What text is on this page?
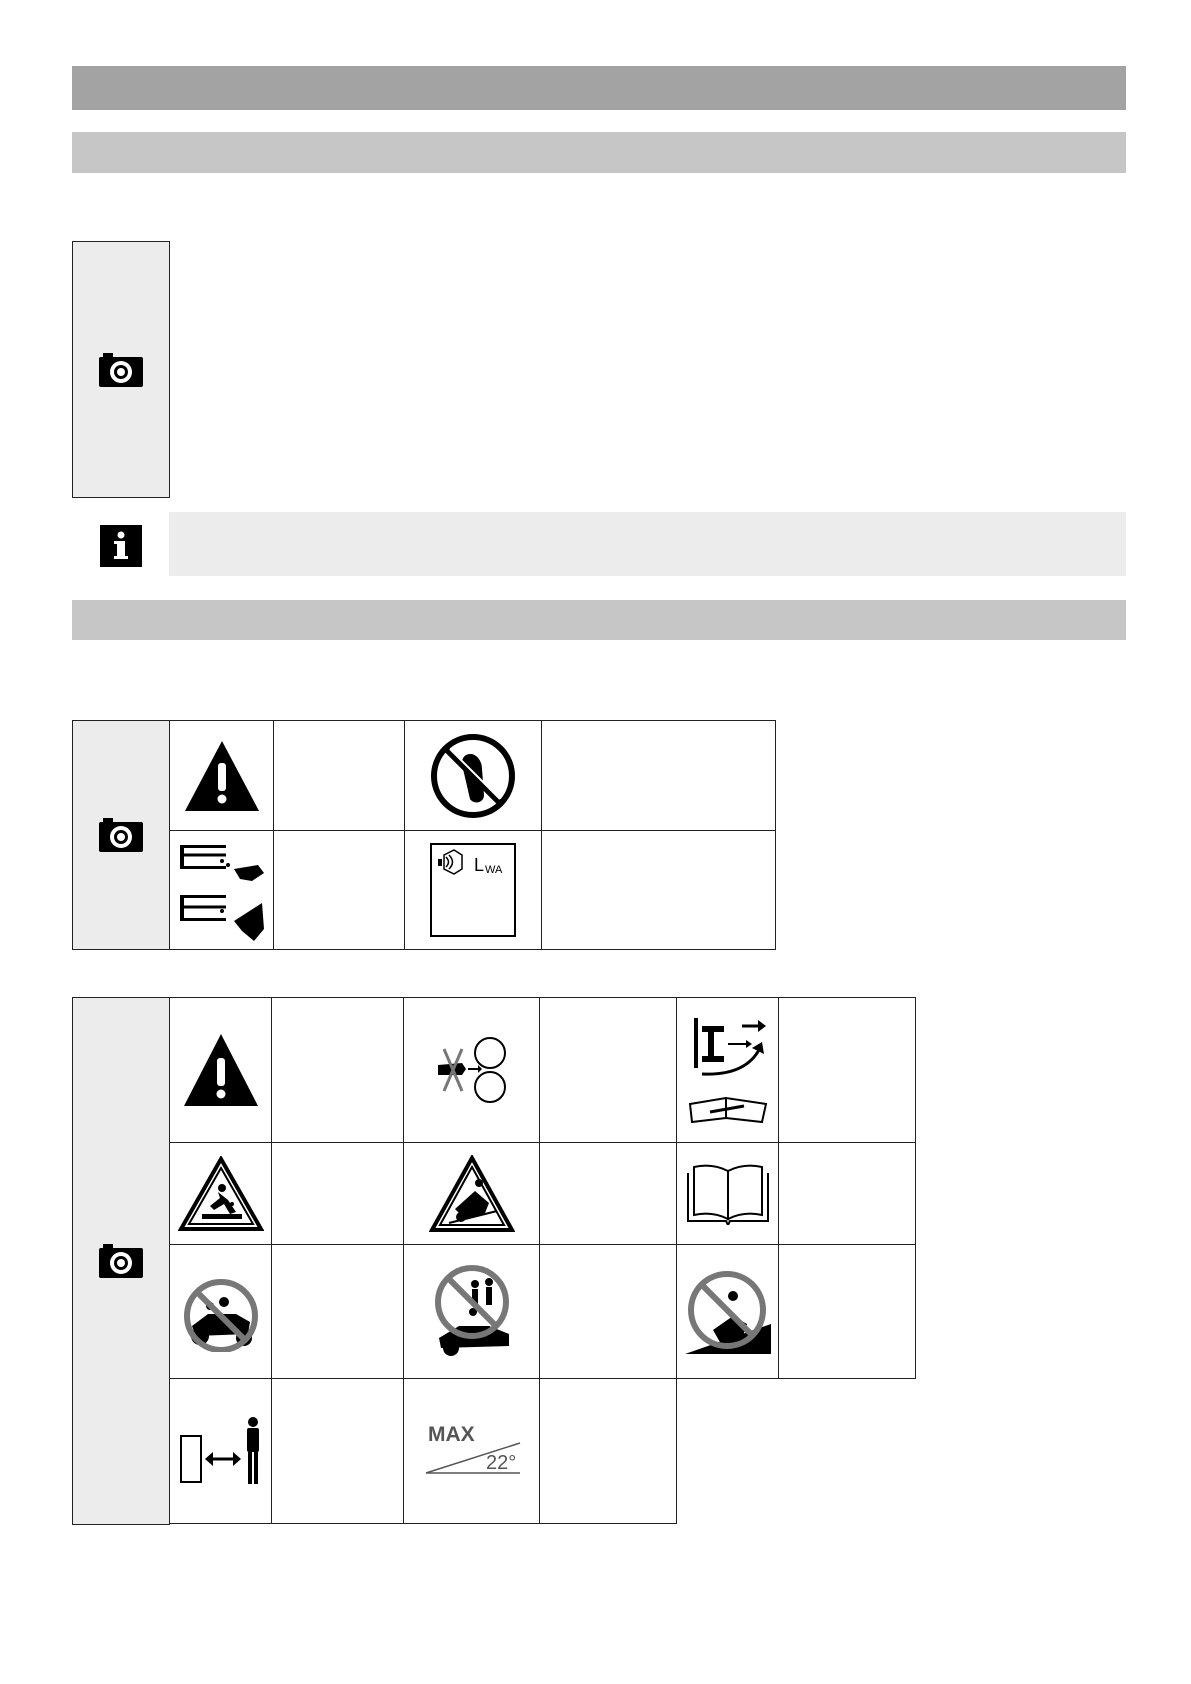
L WA	

MAX
22°			
